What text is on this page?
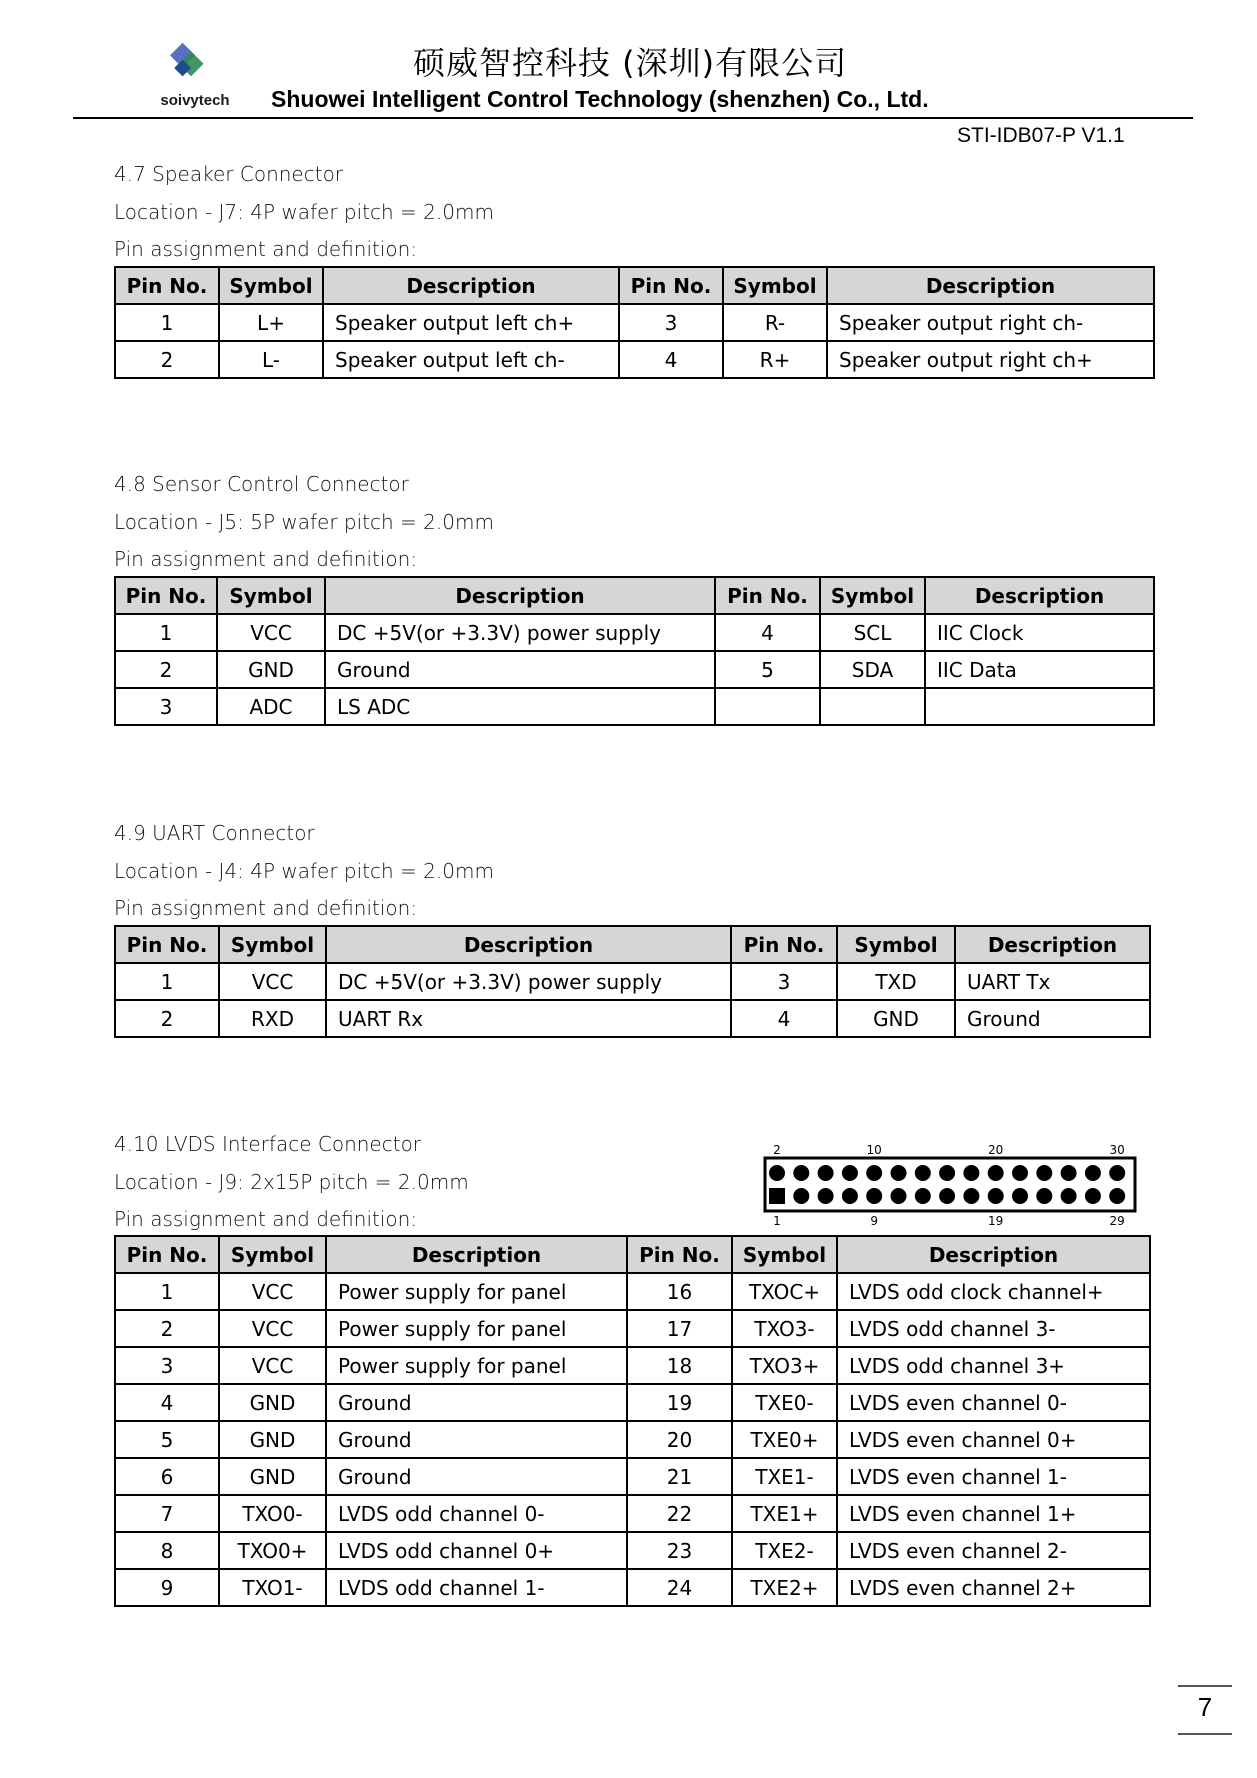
soivytech
硕威智控科技 (深圳)有限公司
Shuowei Intelligent Control Technology (shenzhen) Co., Ltd.
STI-IDB07-P V1.1
4.7 Speaker Connector
Location - J7: 4P wafer pitch = 2.0mm
Pin assignment and definition:
Pin No.	Symbol	Description	Pin No.	Symbol	Description
1	L+	Speaker output left ch+	3	R-	Speaker output right ch-
2	L-	Speaker output left ch-	4	R+	Speaker output right ch+
4.8 Sensor Control Connector
Location - J5: 5P wafer pitch = 2.0mm
Pin assignment and definition:
Pin No.	Symbol	Description	Pin No.	Symbol	Description
1	VCC	DC +5V(or +3.3V) power supply	4	SCL	IIC Clock
2	GND	Ground	5	SDA	IIC Data
3	ADC	LS ADC			
4.9 UART Connector
Location - J4: 4P wafer pitch = 2.0mm
Pin assignment and definition:
Pin No.	Symbol	Description	Pin No.	Symbol	Description
1	VCC	DC +5V(or +3.3V) power supply	3	TXD	UART Tx
2	RXD	UART Rx	4	GND	Ground
4.10 LVDS Interface Connector
Location - J9: 2x15P pitch = 2.0mm
Pin assignment and definition:
2	10	20	30
1	9	19	29
Pin No.	Symbol	Description	Pin No.	Symbol	Description
1	VCC	Power supply for panel	16	TXOC+	LVDS odd clock channel+
2	VCC	Power supply for panel	17	TXO3-	LVDS odd channel 3-
3	VCC	Power supply for panel	18	TXO3+	LVDS odd channel 3+
4	GND	Ground	19	TXE0-	LVDS even channel 0-
5	GND	Ground	20	TXE0+	LVDS even channel 0+
6	GND	Ground	21	TXE1-	LVDS even channel 1-
7	TXO0-	LVDS odd channel 0-	22	TXE1+	LVDS even channel 1+
8	TXO0+	LVDS odd channel 0+	23	TXE2-	LVDS even channel 2-
9	TXO1-	LVDS odd channel 1-	24	TXE2+	LVDS even channel 2+
7
